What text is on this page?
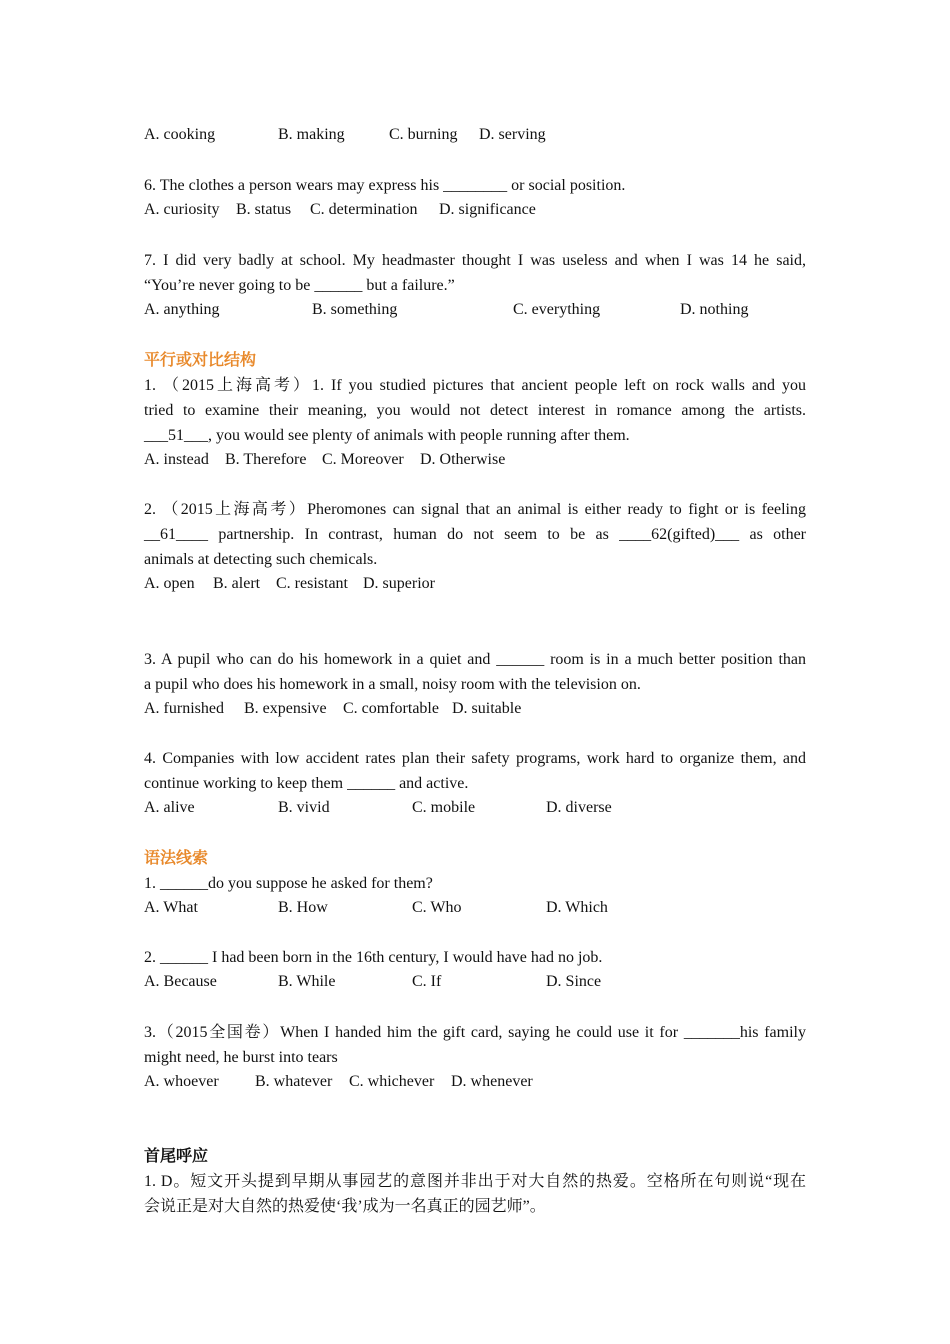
A. cooking	B. making	C. burning D. serving
6. The clothes a person wears may express his ________ or social position.
A. curiosity B. status C. determination D. significance
7. I did very badly at school. My headmaster thought I was useless and when I was 14 he said,
“You’re never going to be ______ but a failure.”
A. anything	B. something	C. everything	D. nothing
平行或对比结构
1. （2015上海高考）1. If you studied pictures that ancient people left on rock walls and you
tried to examine their meaning, you would not detect interest in romance among the artists.
___51___, you would see plenty of animals with people running after them.
A. instead B. Therefore C. Moreover D. Otherwise
2. （2015上海高考）Pheromones can signal that an animal is either ready to fight or is feeling
__61____ partnership. In contrast, human do not seem to be as ____62(gifted)___ as other
animals at detecting such chemicals.
A. open B. alert C. resistant D. superior
3. A pupil who can do his homework in a quiet and ______ room is in a much better position than
a pupil who does his homework in a small, noisy room with the television on.
A. furnished B. expensive C. comfortable D. suitable
4. Companies with low accident rates plan their safety programs, work hard to organize them, and
continue working to keep them ______ and active.
A. alive	B. vivid	C. mobile	D. diverse
语法线索
1. ______do you suppose he asked for them?
A. What	B. How	C. Who	D. Which
2. ______ I had been born in the 16th century, I would have had no job.
A. Because	B. While	C. If	D. Since
3.（2015全国卷）When I handed him the gift card, saying he could use it for _______his family
might need, he burst into tears
A. whoever B. whatever C. whichever D. whenever
首尾呼应
1. D。短文开头提到早期从事园艺的意图并非出于对大自然的热爱。空格所在句则说“现在
会说正是对大自然的热爱使‘我’成为一名真正的园艺师”。
